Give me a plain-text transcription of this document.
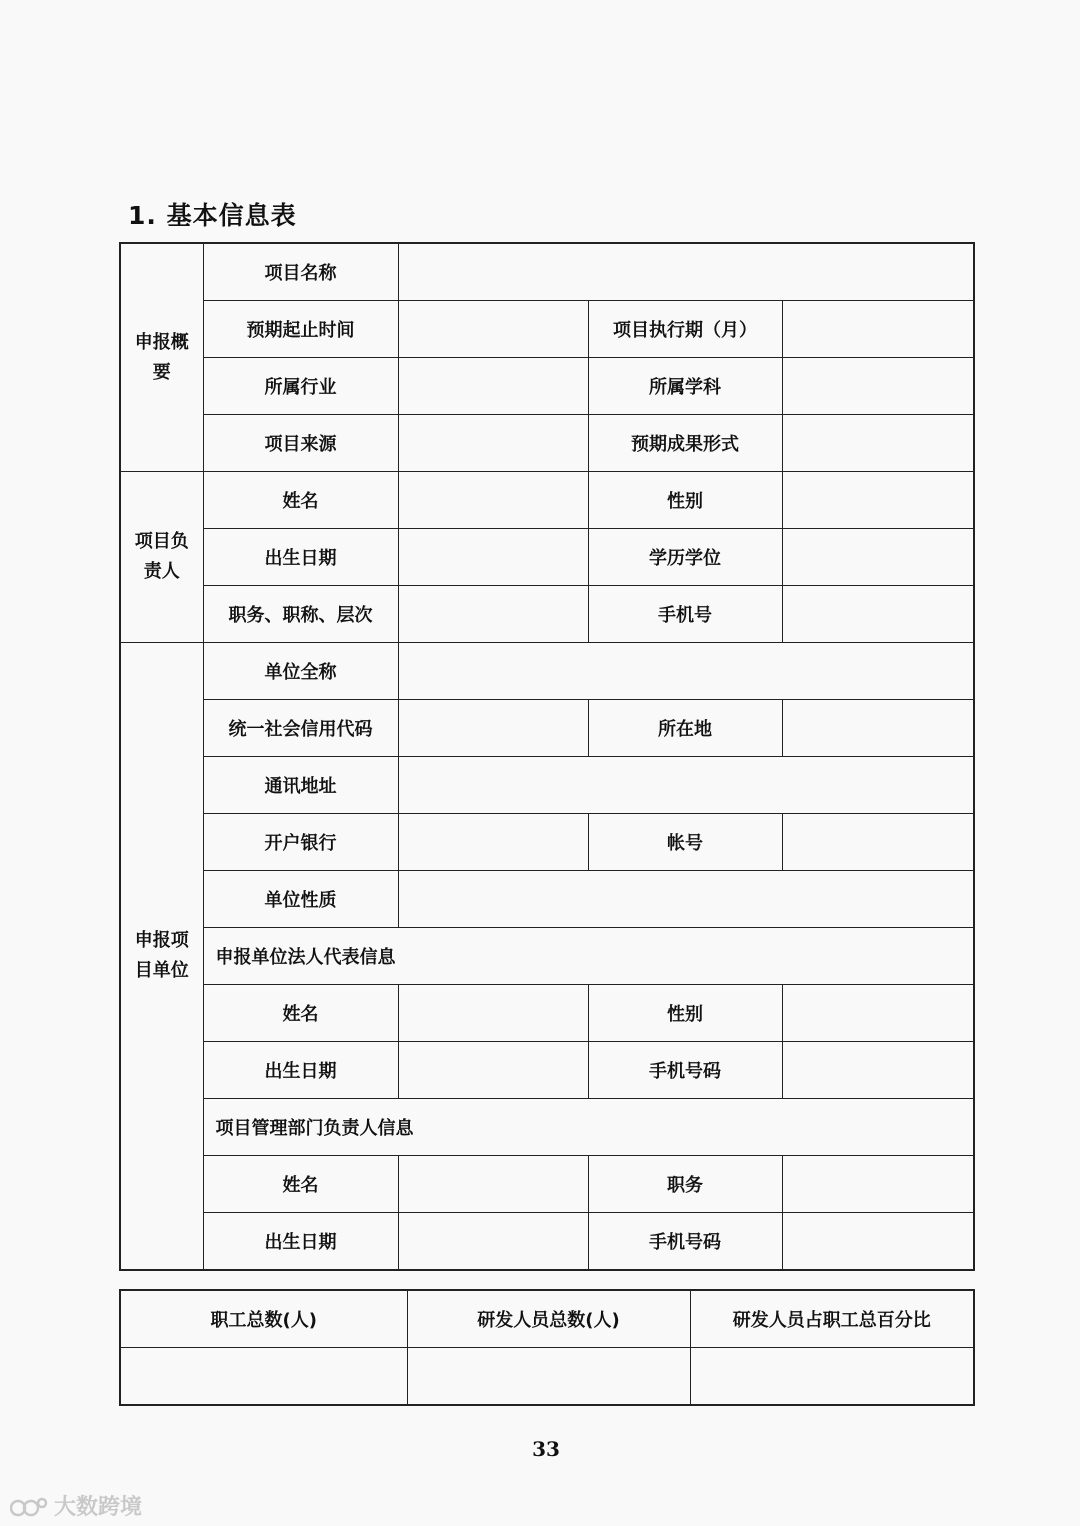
1. 基本信息表
申报概要	项目名称			
	预期起止时间		项目执行期（月）	
	所属行业		所属学科	
	项目来源		预期成果形式	
项目负责人	姓名		性别	
	出生日期		学历学位	
	职务、职称、层次		手机号	
申报项目单位	单位全称			
	统一社会信用代码		所在地	
	通讯地址			
	开户银行		帐号	
	单位性质			
	申报单位法人代表信息			
	姓名		性别	
	出生日期		手机号码	
	项目管理部门负责人信息			
	姓名		职务	
	出生日期		手机号码	
职工总数(人)	研发人员总数(人)	研发人员占职工总百分比

33
大数跨境
